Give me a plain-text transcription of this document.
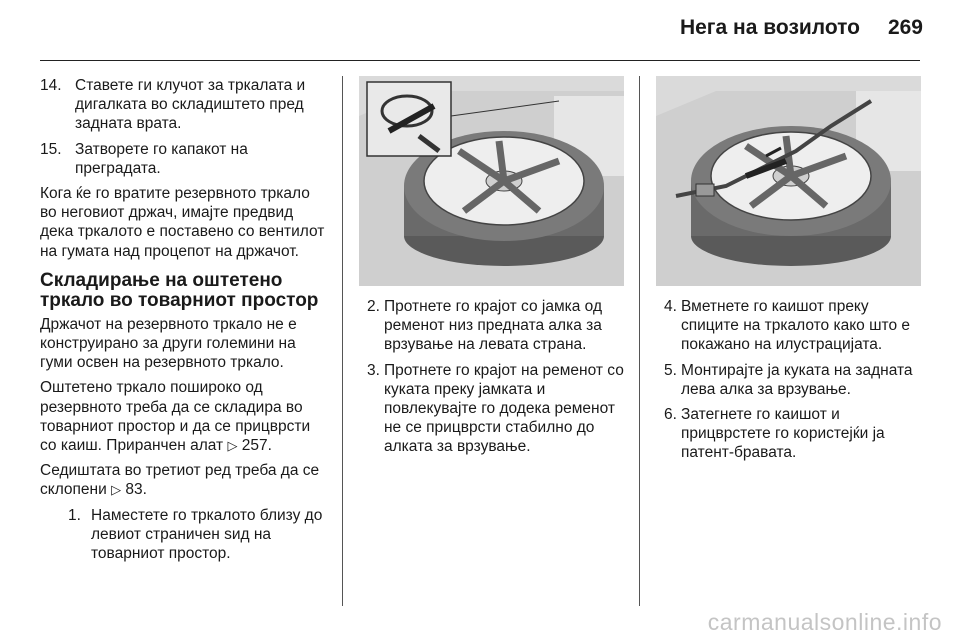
Нега на возилото 269
14. Ставете ги клучот за тркалата и дигалката во складиштето пред задната врата.
15. Затворете го капакот на преградата.

Кога ќе го вратите резервното тркало во неговиот држач, имајте предвид дека тркалото е поставено со вентилот на гумата над процепот на држачот.

Складирање на оштетено тркало во товарниот простор

Држачот на резервното тркало не е конструирано за други големини на гуми освен на резервното тркало.

Оштетено тркало пошироко од резервното треба да се складира во товарниот простор и да се прицврсти со каиш. Приранчен алат ▷ 257.

Седиштата во третиот ред треба да се склопени ▷ 83.

1. Наместете го тркалото близу до левиот страничен ѕид на товарниот простор.
2. Протнете го крајот со јамка од ременот низ предната алка за врзување на левата страна.
3. Протнете го крајот на ременот со куката преку јамката и повлекувајте го додека ременот не се прицврсти стабилно до алката за врзување.
4. Вметнете го каишот преку спиците на тркалото како што е покажано на илустрацијата.
5. Монтирајте ја куката на задната лева алка за врзување.
6. Затегнете го каишот и прицврстете го користејќи ја патент-бравата.
carmanualsonline.info
